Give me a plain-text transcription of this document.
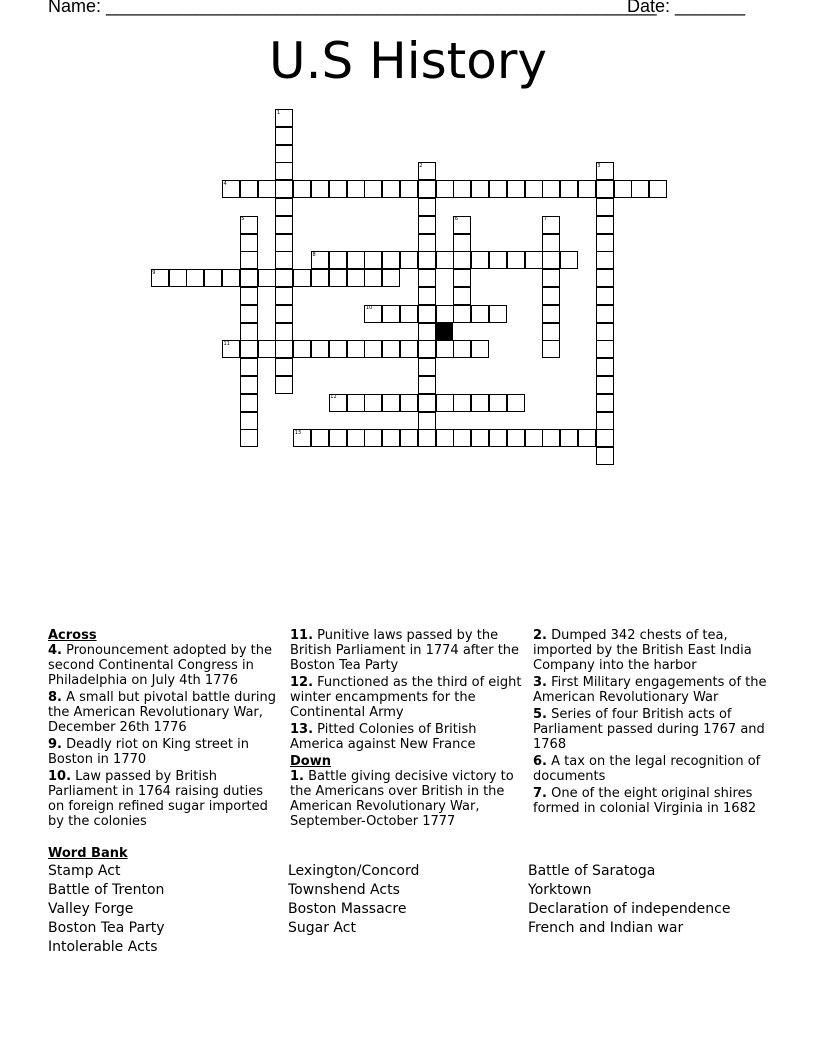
Name: _______________________________________________________
Date: _______
U.S History
1
2	3
4
5	6	7
8
9
10
11
12
13
Across
4. Pronouncement adopted by the second Continental Congress in Philadelphia on July 4th 1776
8. A small but pivotal battle during the American Revolutionary War, December 26th 1776
9. Deadly riot on King street in Boston in 1770
10. Law passed by British Parliament in 1764 raising duties on foreign refined sugar imported by the colonies
11. Punitive laws passed by the British Parliament in 1774 after the Boston Tea Party
12. Functioned as the third of eight winter encampments for the Continental Army
13. Pitted Colonies of British America against New France
Down
1. Battle giving decisive victory to the Americans over British in the American Revolutionary War, September-October 1777
2. Dumped 342 chests of tea, imported by the British East India Company into the harbor
3. First Military engagements of the American Revolutionary War
5. Series of four British acts of Parliament passed during 1767 and 1768
6. A tax on the legal recognition of documents
7. One of the eight original shires formed in colonial Virginia in 1682
Word Bank
Stamp Act
Battle of Trenton
Valley Forge
Boston Tea Party
Intolerable Acts
Lexington/Concord
Townshend Acts
Boston Massacre
Sugar Act
Battle of Saratoga
Yorktown
Declaration of independence
French and Indian war
